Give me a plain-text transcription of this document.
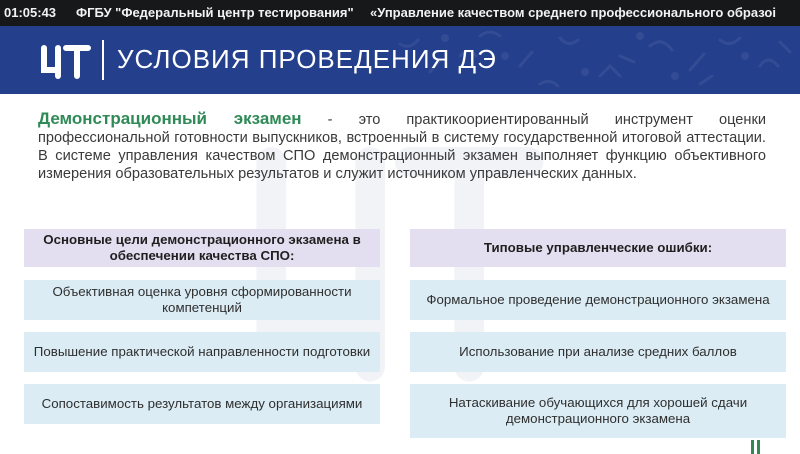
01:05:43 ФГБУ "Федеральный центр тестирования" «Управление качеством среднего профессионального образоі
УСЛОВИЯ ПРОВЕДЕНИЯ ДЭ
Демонстрационный экзамен - это практикоориентированный инструмент оценки профессиональной готовности выпускников, встроенный в систему государственной итоговой аттестации. В системе управления качеством СПО демонстрационный экзамен выполняет функцию объективного измерения образовательных результатов и служит источником управленческих данных.
Основные цели демонстрационного экзамена в обеспечении качества СПО:
Типовые управленческие ошибки:
Объективная оценка уровня сформированности компетенций
Повышение практической направленности подготовки
Сопоставимость результатов между организациями
Формальное проведение демонстрационного экзамена
Использование при анализе средних баллов
Натаскивание обучающихся для хорошей сдачи демонстрационного экзамена
